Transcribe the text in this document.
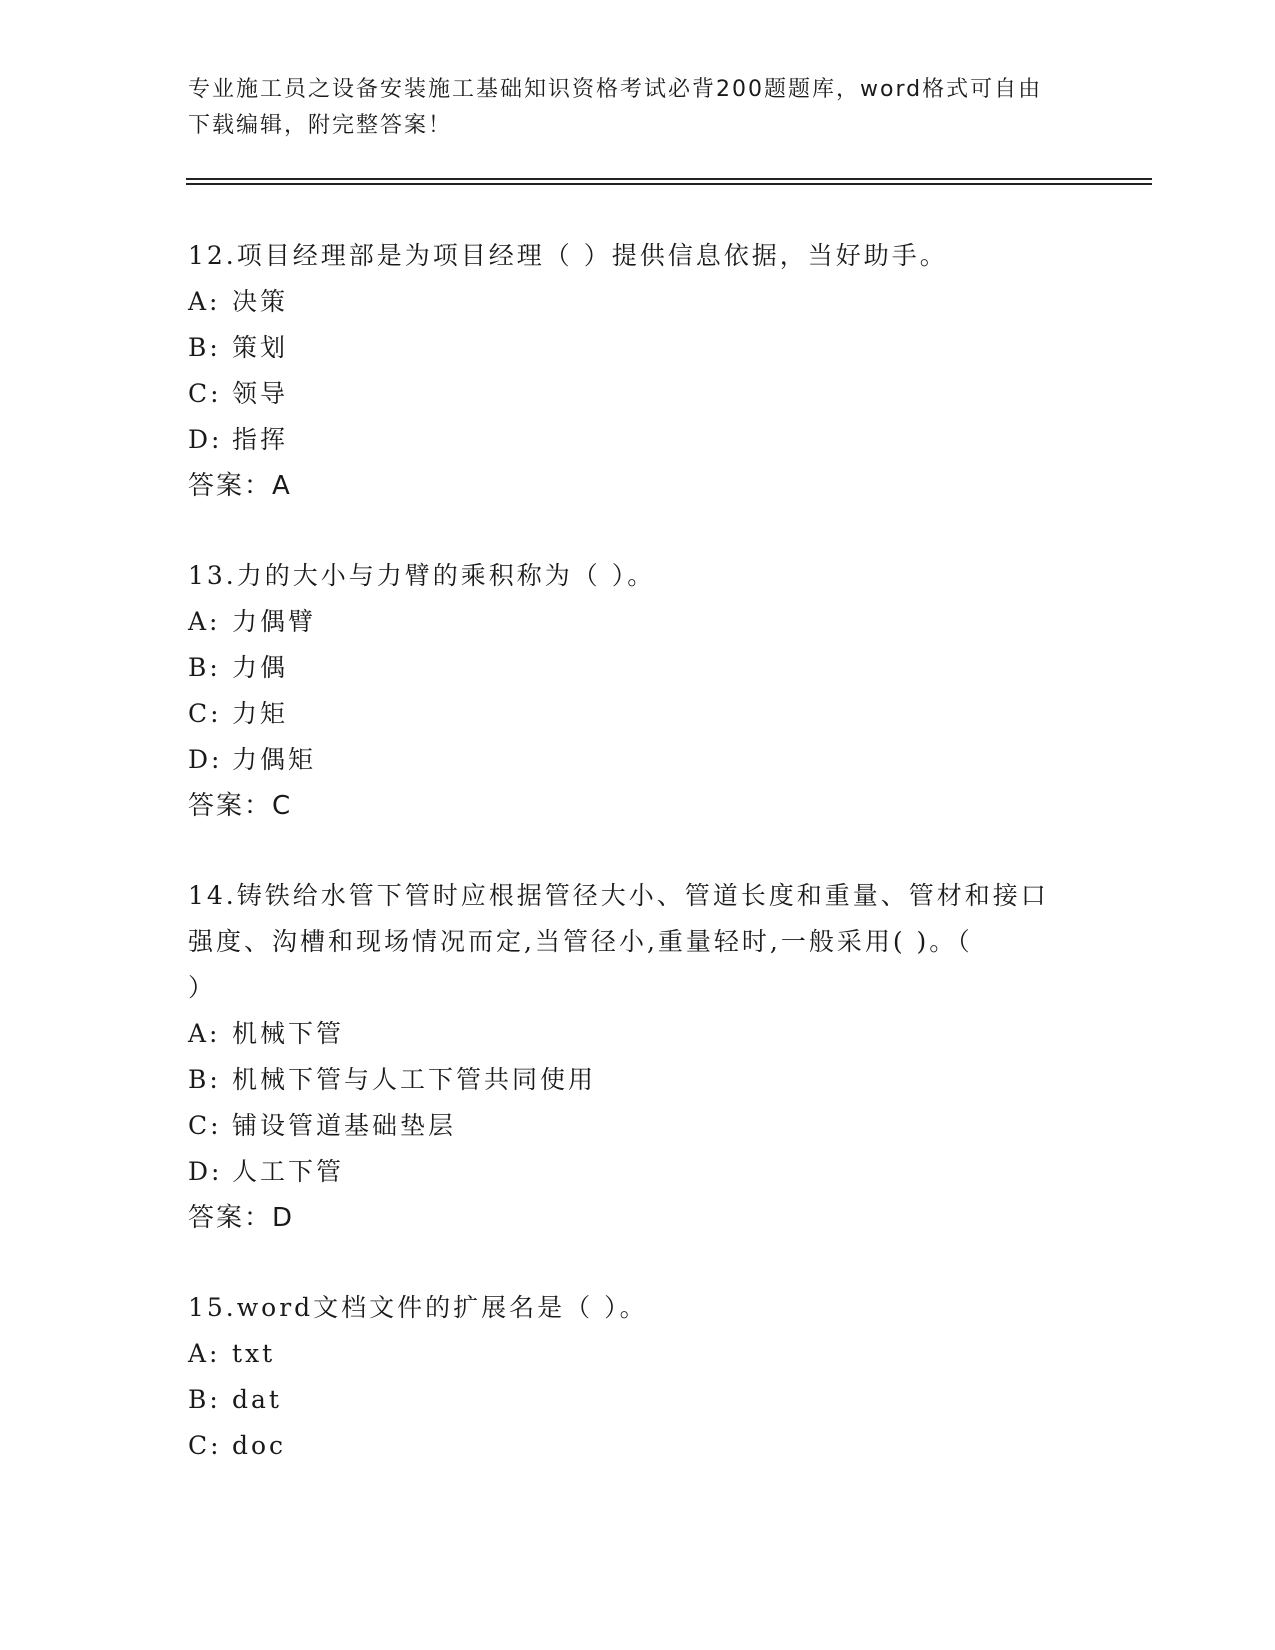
专业施工员之设备安装施工基础知识资格考试必背200题题库，word格式可自由
下载编辑，附完整答案！
12.项目经理部是为项目经理（ ）提供信息依据，当好助手。
A: 决策
B: 策划
C: 领导
D: 指挥
答案：A
13.力的大小与力臂的乘积称为（ ）。
A: 力偶臂
B: 力偶
C: 力矩
D: 力偶矩
答案：C
14.铸铁给水管下管时应根据管径大小、管道长度和重量、管材和接口
强度、沟槽和现场情况而定,当管径小,重量轻时,一般采用( )。（
）
A: 机械下管
B: 机械下管与人工下管共同使用
C: 铺设管道基础垫层
D: 人工下管
答案：D
15.word文档文件的扩展名是（ ）。
A: txt
B: dat
C: doc
